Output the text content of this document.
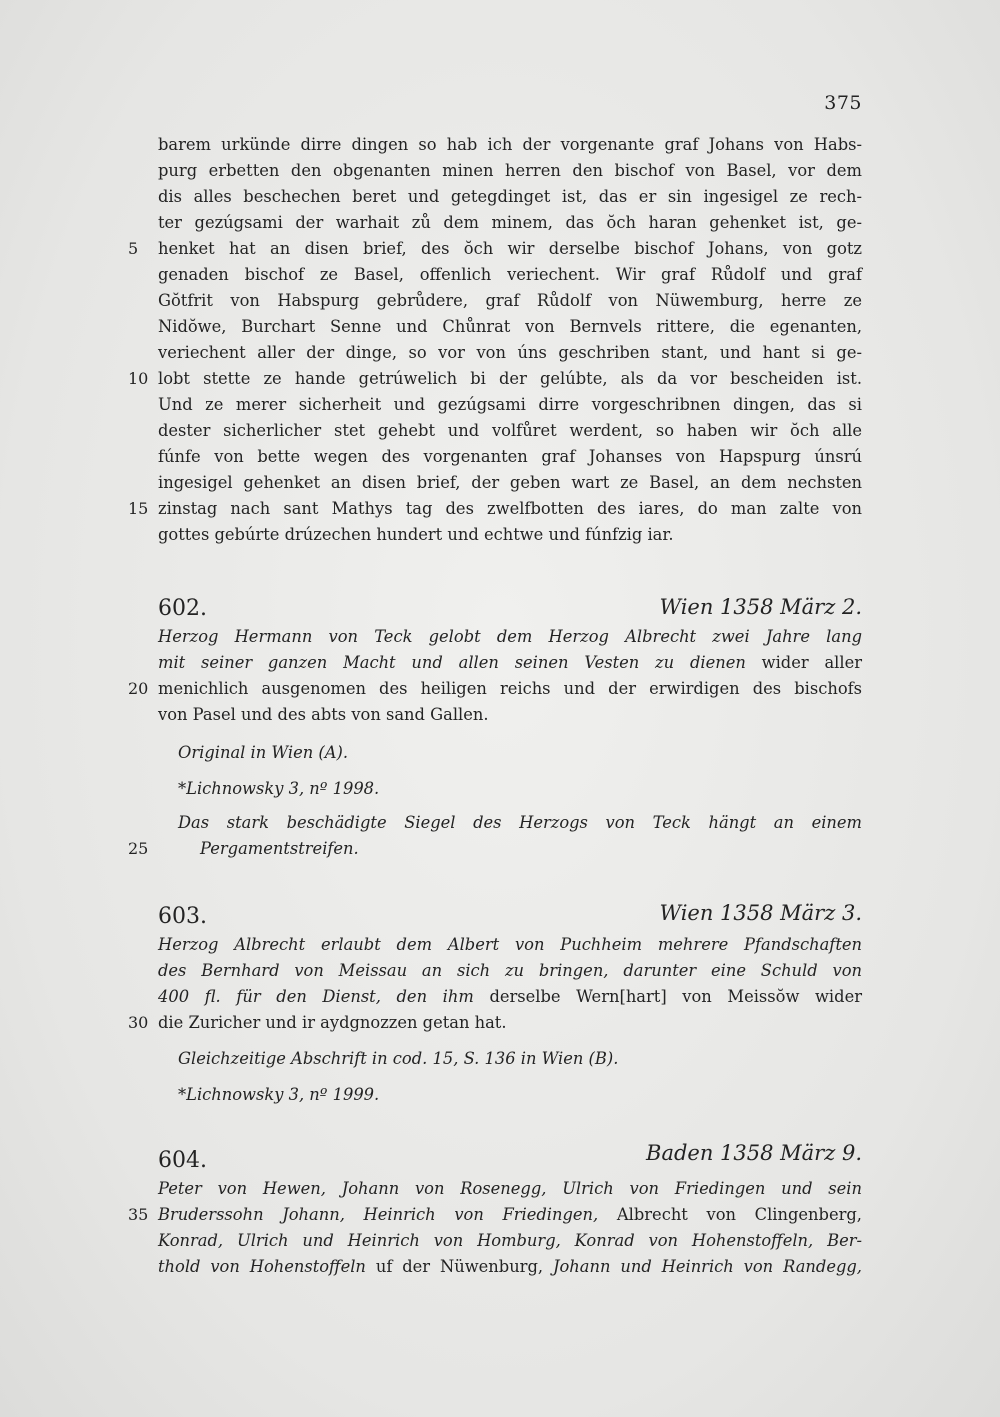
375
barem urkünde dirre dingen so hab ich der vorgenante graf Johans von Habs-
purg erbetten den obgenanten minen herren den bischof von Basel, vor dem
dis alles beschechen beret und getegdinget ist, das er sin ingesigel ze rech-
ter gezúgsami der warhait zů dem minem, das ŏch haran gehenket ist, ge-
5	henket hat an disen brief, des ŏch wir derselbe bischof Johans, von gotz
genaden bischof ze Basel, offenlich veriechent. Wir graf Růdolf und graf
Gŏtfrit von Habspurg gebrůdere, graf Růdolf von Nüwemburg, herre ze
Nidŏwe, Burchart Senne und Chůnrat von Bernvels rittere, die egenanten,
veriechent aller der dinge, so vor von úns geschriben stant, und hant si ge-
10 lobt stette ze hande getrúwelich bi der gelúbte, als da vor bescheiden ist.
Und ze merer sicherheit und gezúgsami dirre vorgeschribnen dingen, das si
dester sicherlicher stet gehebt und volfůret werdent, so haben wir ŏch alle
fúnfe von bette wegen des vorgenanten graf Johanses von Hapspurg únsrú
ingesigel gehenket an disen brief, der geben wart ze Basel, an dem nechsten
15 zinstag nach sant Mathys tag des zwelfbotten des iares, do man zalte von
gottes gebúrte drúzechen hundert und echtwe und fúnfzig iar.
602.	Wien 1358 März 2.
Herzog Hermann von Teck gelobt dem Herzog Albrecht zwei Jahre lang
mit seiner ganzen Macht und allen seinen Vesten zu dienen wider aller
20 menichlich ausgenomen des heiligen reichs und der erwirdigen des bischofs
von Pasel und des abts von sand Gallen.
Original in Wien (A).
*Lichnowsky 3, nº 1998.
Das stark beschädigte Siegel des Herzogs von Teck hängt an einem
25	Pergamentstreifen.
603.	Wien 1358 März 3.
Herzog Albrecht erlaubt dem Albert von Puchheim mehrere Pfandschaften
des Bernhard von Meissau an sich zu bringen, darunter eine Schuld von
400 fl. für den Dienst, den ihm derselbe Wern[hart] von Meissŏw wider
30 die Zuricher und ir aydgnozzen getan hat.
Gleichzeitige Abschrift in cod. 15, S. 136 in Wien (B).
*Lichnowsky 3, nº 1999.
604.	Baden 1358 März 9.
Peter von Hewen, Johann von Rosenegg, Ulrich von Friedingen und sein
35 Bruderssohn Johann, Heinrich von Friedingen, Albrecht von Clingenberg,
Konrad, Ulrich und Heinrich von Homburg, Konrad von Hohenstoffeln, Ber-
thold von Hohenstoffeln uf der Nüwenburg, Johann und Heinrich von Randegg,
